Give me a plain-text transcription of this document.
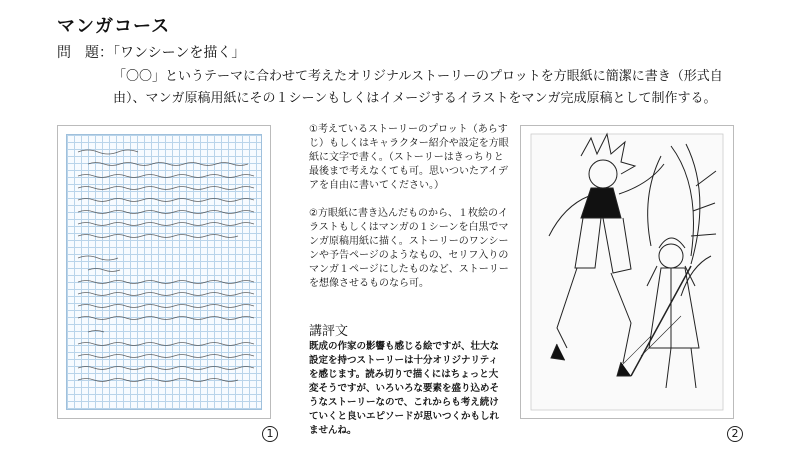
マンガコース
問　題：「ワンシーンを描く」
「〇〇」というテーマに合わせて考えたオリジナルストーリーのプロットを方眼紙に簡潔に書き（形式自
由）、マンガ原稿用紙にその１シーンもしくはイメージするイラストをマンガ完成原稿として制作する。
1

①考えているストーリーのプロット（あらすじ）もしくはキャラクター紹介や設定を方眼紙に文字で書く。（ストーリーはきっちりと最後まで考えなくても可。思いついたアイデアを自由に書いてください。）

②方眼紙に書き込んだものから、１枚絵のイラストもしくはマンガの１シーンを白黒でマンガ原稿用紙に描く。ストーリーのワンシーンや予告ページのようなもの、セリフ入りのマンガ１ページにしたものなど、ストーリーを想像させるものなら可。

講評文
既成の作家の影響も感じる絵ですが、壮大な設定を持つストーリーは十分オリジナリティを感じます。読み切りで描くにはちょっと大変そうですが、いろいろな要素を盛り込めそうなストーリーなので、これからも考え続けていくと良いエピソードが思いつくかもしれませんね。	2
